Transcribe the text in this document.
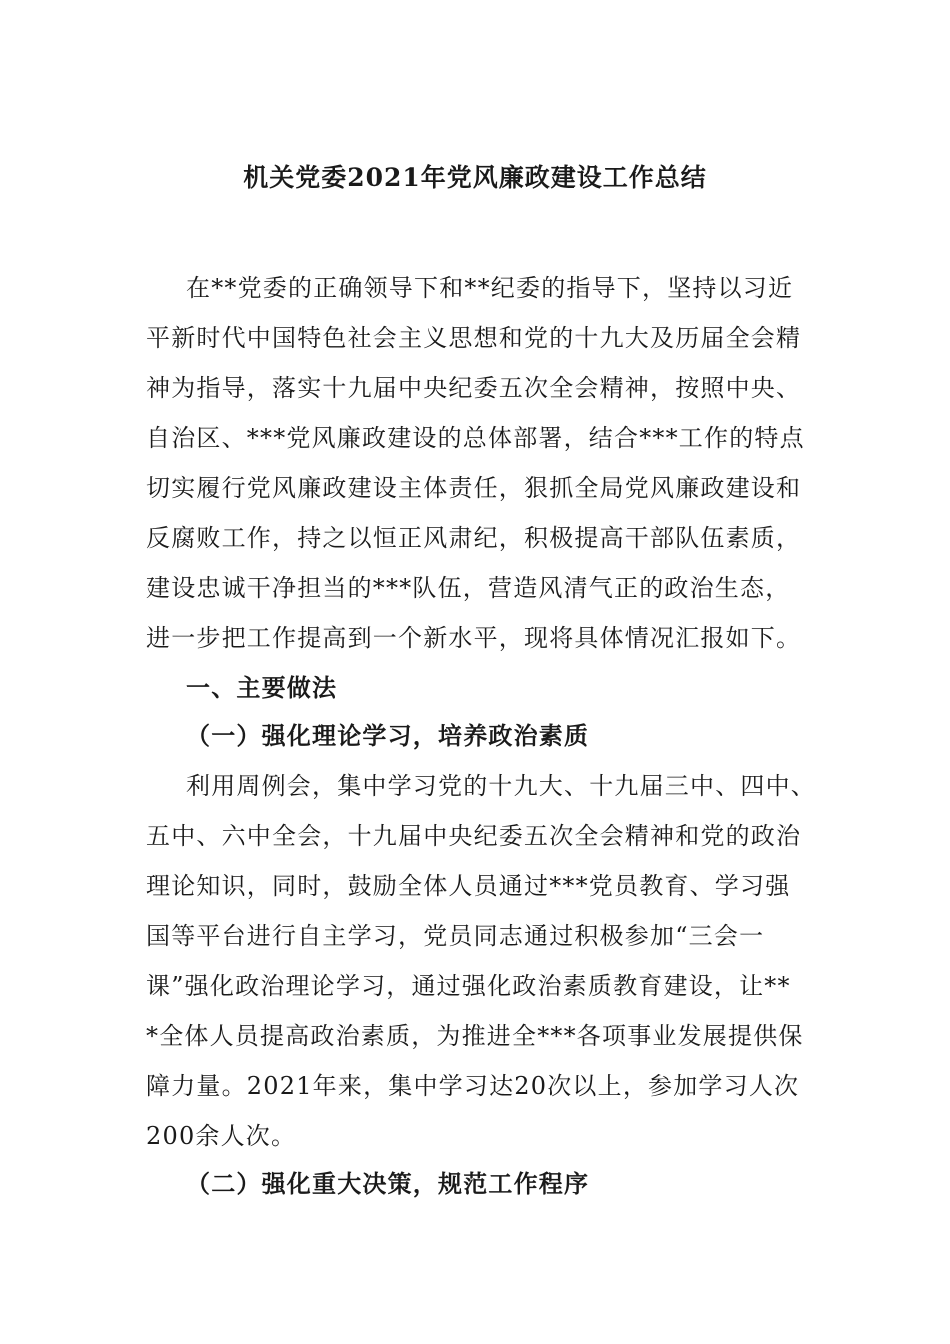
机关党委2021年党风廉政建设工作总结
在**党委的正确领导下和**纪委的指导下，坚持以习近
平新时代中国特色社会主义思想和党的十九大及历届全会精
神为指导，落实十九届中央纪委五次全会精神，按照中央、
自治区、***党风廉政建设的总体部署，结合***工作的特点
切实履行党风廉政建设主体责任，狠抓全局党风廉政建设和
反腐败工作，持之以恒正风肃纪，积极提高干部队伍素质，
建设忠诚干净担当的***队伍，营造风清气正的政治生态，
进一步把工作提高到一个新水平，现将具体情况汇报如下。
一、主要做法
（一）强化理论学习，培养政治素质
利用周例会，集中学习党的十九大、十九届三中、四中、
五中、六中全会，十九届中央纪委五次全会精神和党的政治
理论知识，同时，鼓励全体人员通过***党员教育、学习强
国等平台进行自主学习，党员同志通过积极参加“三会一
课”强化政治理论学习，通过强化政治素质教育建设，让**
*全体人员提高政治素质，为推进全***各项事业发展提供保
障力量。2021年来，集中学习达20次以上，参加学习人次
200余人次。
（二）强化重大决策，规范工作程序
